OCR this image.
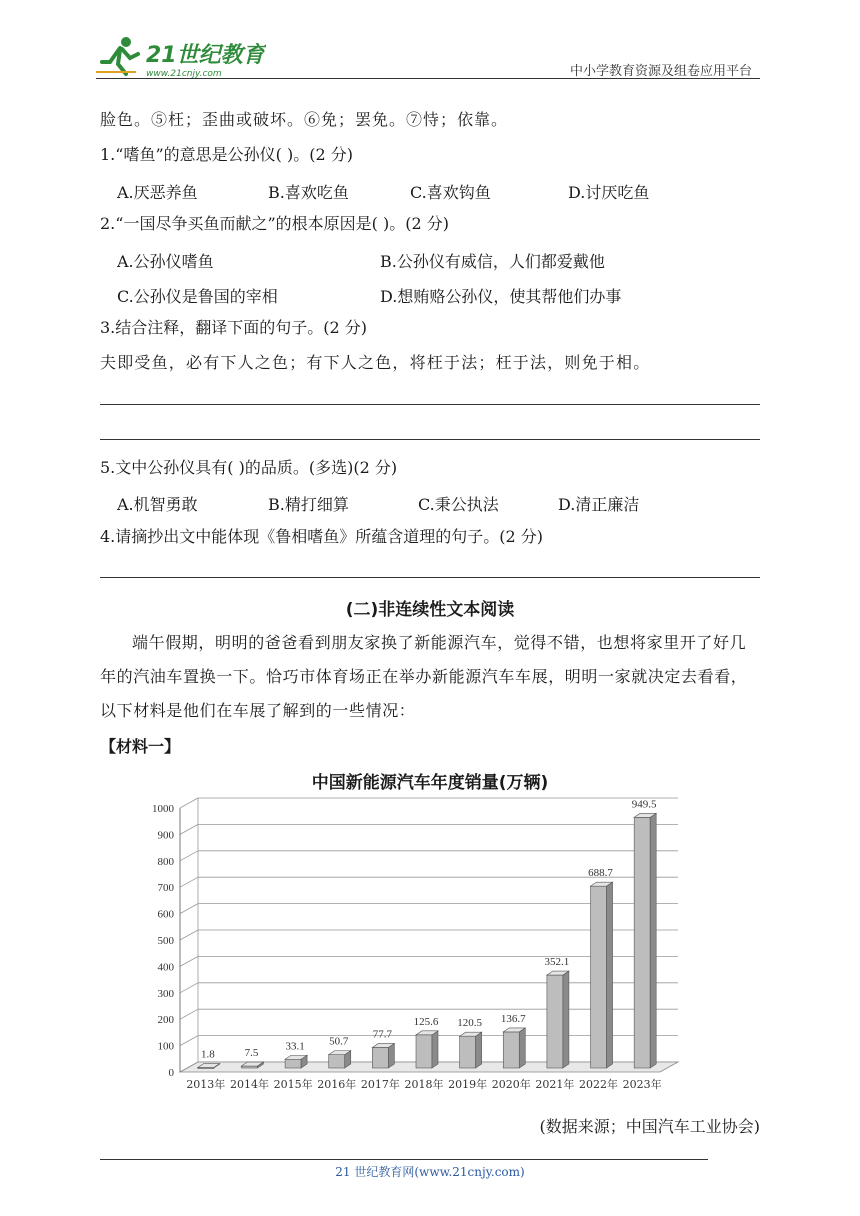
21世纪教育
www.21cnjy.com	中小学教育资源及组卷应用平台
脸色。⑤枉；歪曲或破坏。⑥免；罢免。⑦恃；依靠。
1.“嗜鱼”的意思是公孙仪( )。(2 分)
A.厌恶养鱼	B.喜欢吃鱼	C.喜欢钩鱼	D.讨厌吃鱼
2.“一国尽争买鱼而献之”的根本原因是( )。(2 分)
A.公孙仪嗜鱼	B.公孙仪有威信，人们都爱戴他
C.公孙仪是鲁国的宰相	D.想贿赂公孙仪，使其帮他们办事
3.结合注释，翻译下面的句子。(2 分)
夫即受鱼，必有下人之色；有下人之色，将枉于法；枉于法，则免于相。
5.文中公孙仪具有( )的品质。(多选)(2 分)
A.机智勇敢	B.精打细算	C.秉公执法	D.清正廉洁
4.请摘抄出文中能体现《鲁相嗜鱼》所蕴含道理的句子。(2 分)
(二)非连续性文本阅读
端午假期，明明的爸爸看到朋友家换了新能源汽车，觉得不错，也想将家里开了好几年的汽油车置换一下。恰巧市体育场正在举办新能源汽车车展，明明一家就决定去看看，以下材料是他们在车展了解到的一些情况：
【材料一】
中国新能源汽车年度销量(万辆)
0
100
200
300
400
500
600
700
800
900
1000
1.8
2013年
7.5
2014年
33.1
2015年
50.7
2016年
77.7
2017年
125.6
2018年
120.5
2019年
136.7
2020年
352.1
2021年
688.7
2022年
949.5
2023年
(数据来源；中国汽车工业协会)
21 世纪教育网(www.21cnjy.com)
